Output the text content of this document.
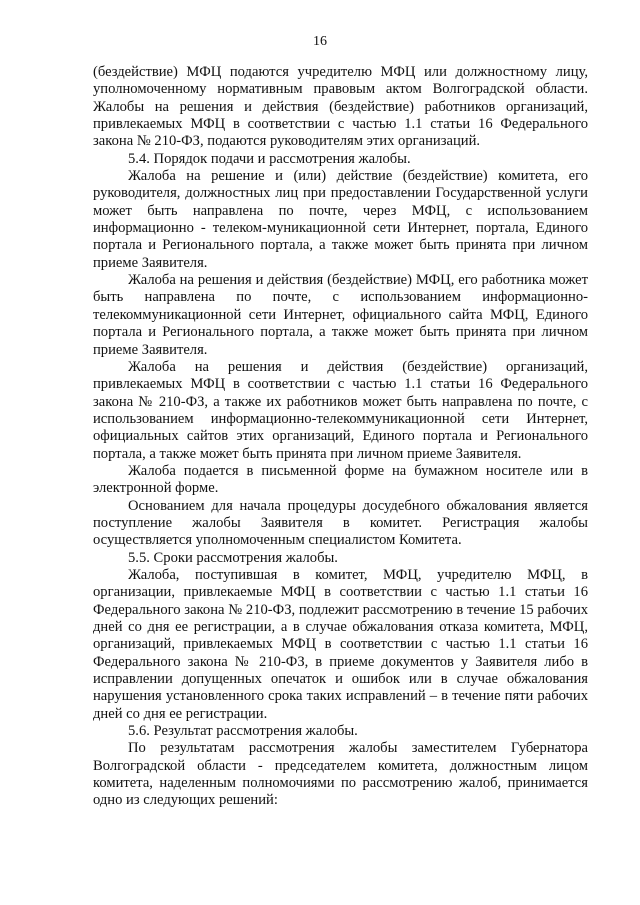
16

(бездействие) МФЦ подаются учредителю МФЦ или должностному лицу, уполномоченному нормативным правовым актом Волгоградской области. Жалобы на решения и действия (бездействие) работников организаций, привлекаемых МФЦ в соответствии с частью 1.1 статьи 16 Федерального закона № 210-ФЗ, подаются руководителям этих организаций.

5.4. Порядок подачи и рассмотрения жалобы.

Жалоба на решение и (или) действие (бездействие) комитета, его руководителя, должностных лиц при предоставлении Государственной услуги может быть направлена по почте, через МФЦ, с использованием информационно - телеком-муникационной сети Интернет, портала, Единого портала и Регионального портала, а также может быть принята при личном приеме Заявителя.

Жалоба на решения и действия (бездействие) МФЦ, его работника может быть направлена по почте, с использованием информационно-телекоммуникационной сети Интернет, официального сайта МФЦ, Единого портала и Регионального портала, а также может быть принята при личном приеме Заявителя.

Жалоба на решения и действия (бездействие) организаций, привлекаемых МФЦ в соответствии с частью 1.1 статьи 16 Федерального закона № 210-ФЗ, а также их работников может быть направлена по почте, с использованием информационно-телекоммуникационной сети Интернет, официальных сайтов этих организаций, Единого портала и Регионального портала, а также может быть принята при личном приеме Заявителя.

Жалоба подается в письменной форме на бумажном носителе или в электронной форме.

Основанием для начала процедуры досудебного обжалования является поступление жалобы Заявителя в комитет. Регистрация жалобы осуществляется уполномоченным специалистом Комитета.

5.5. Сроки рассмотрения жалобы.

Жалоба, поступившая в комитет, МФЦ, учредителю МФЦ, в организации, привлекаемые МФЦ в соответствии с частью 1.1 статьи 16 Федерального закона № 210-ФЗ, подлежит рассмотрению в течение 15 рабочих дней со дня ее регистрации, а в случае обжалования отказа комитета, МФЦ, организаций, привлекаемых МФЦ в соответствии с частью 1.1 статьи 16 Федерального закона № 210-ФЗ, в приеме документов у Заявителя либо в исправлении допущенных опечаток и ошибок или в случае обжалования нарушения установленного срока таких исправлений – в течение пяти рабочих дней со дня ее регистрации.

5.6. Результат рассмотрения жалобы.

По результатам рассмотрения жалобы заместителем Губернатора Волгоградской области - председателем комитета, должностным лицом комитета, наделенным полномочиями по рассмотрению жалоб, принимается одно из следующих решений:
